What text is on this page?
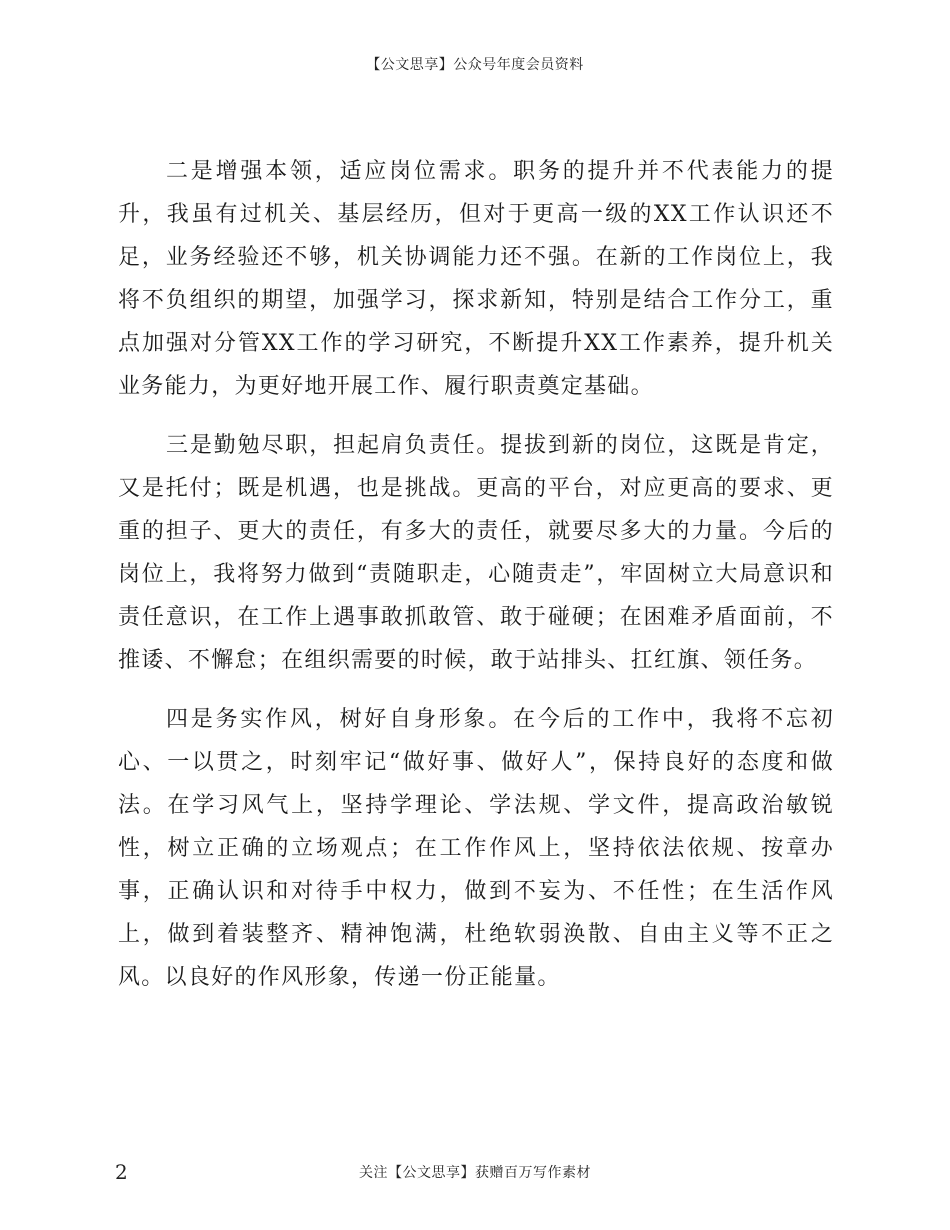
【公文思享】公众号年度会员资料

二是增强本领，适应岗位需求。职务的提升并不代表能力的提升，我虽有过机关、基层经历，但对于更高一级的XX工作认识还不足，业务经验还不够，机关协调能力还不强。在新的工作岗位上，我将不负组织的期望，加强学习，探求新知，特别是结合工作分工，重点加强对分管XX工作的学习研究，不断提升XX工作素养，提升机关业务能力，为更好地开展工作、履行职责奠定基础。

三是勤勉尽职，担起肩负责任。提拔到新的岗位，这既是肯定，又是托付；既是机遇，也是挑战。更高的平台，对应更高的要求、更重的担子、更大的责任，有多大的责任，就要尽多大的力量。今后的岗位上，我将努力做到“责随职走，心随责走”，牢固树立大局意识和责任意识，在工作上遇事敢抓敢管、敢于碰硬；在困难矛盾面前，不推诿、不懈怠；在组织需要的时候，敢于站排头、扛红旗、领任务。

四是务实作风，树好自身形象。在今后的工作中，我将不忘初心、一以贯之，时刻牢记“做好事、做好人”，保持良好的态度和做法。在学习风气上，坚持学理论、学法规、学文件，提高政治敏锐性，树立正确的立场观点；在工作作风上，坚持依法依规、按章办事，正确认识和对待手中权力，做到不妄为、不任性；在生活作风上，做到着装整齐、精神饱满，杜绝软弱涣散、自由主义等不正之风。以良好的作风形象，传递一份正能量。

2	关注【公文思享】获赠百万写作素材
